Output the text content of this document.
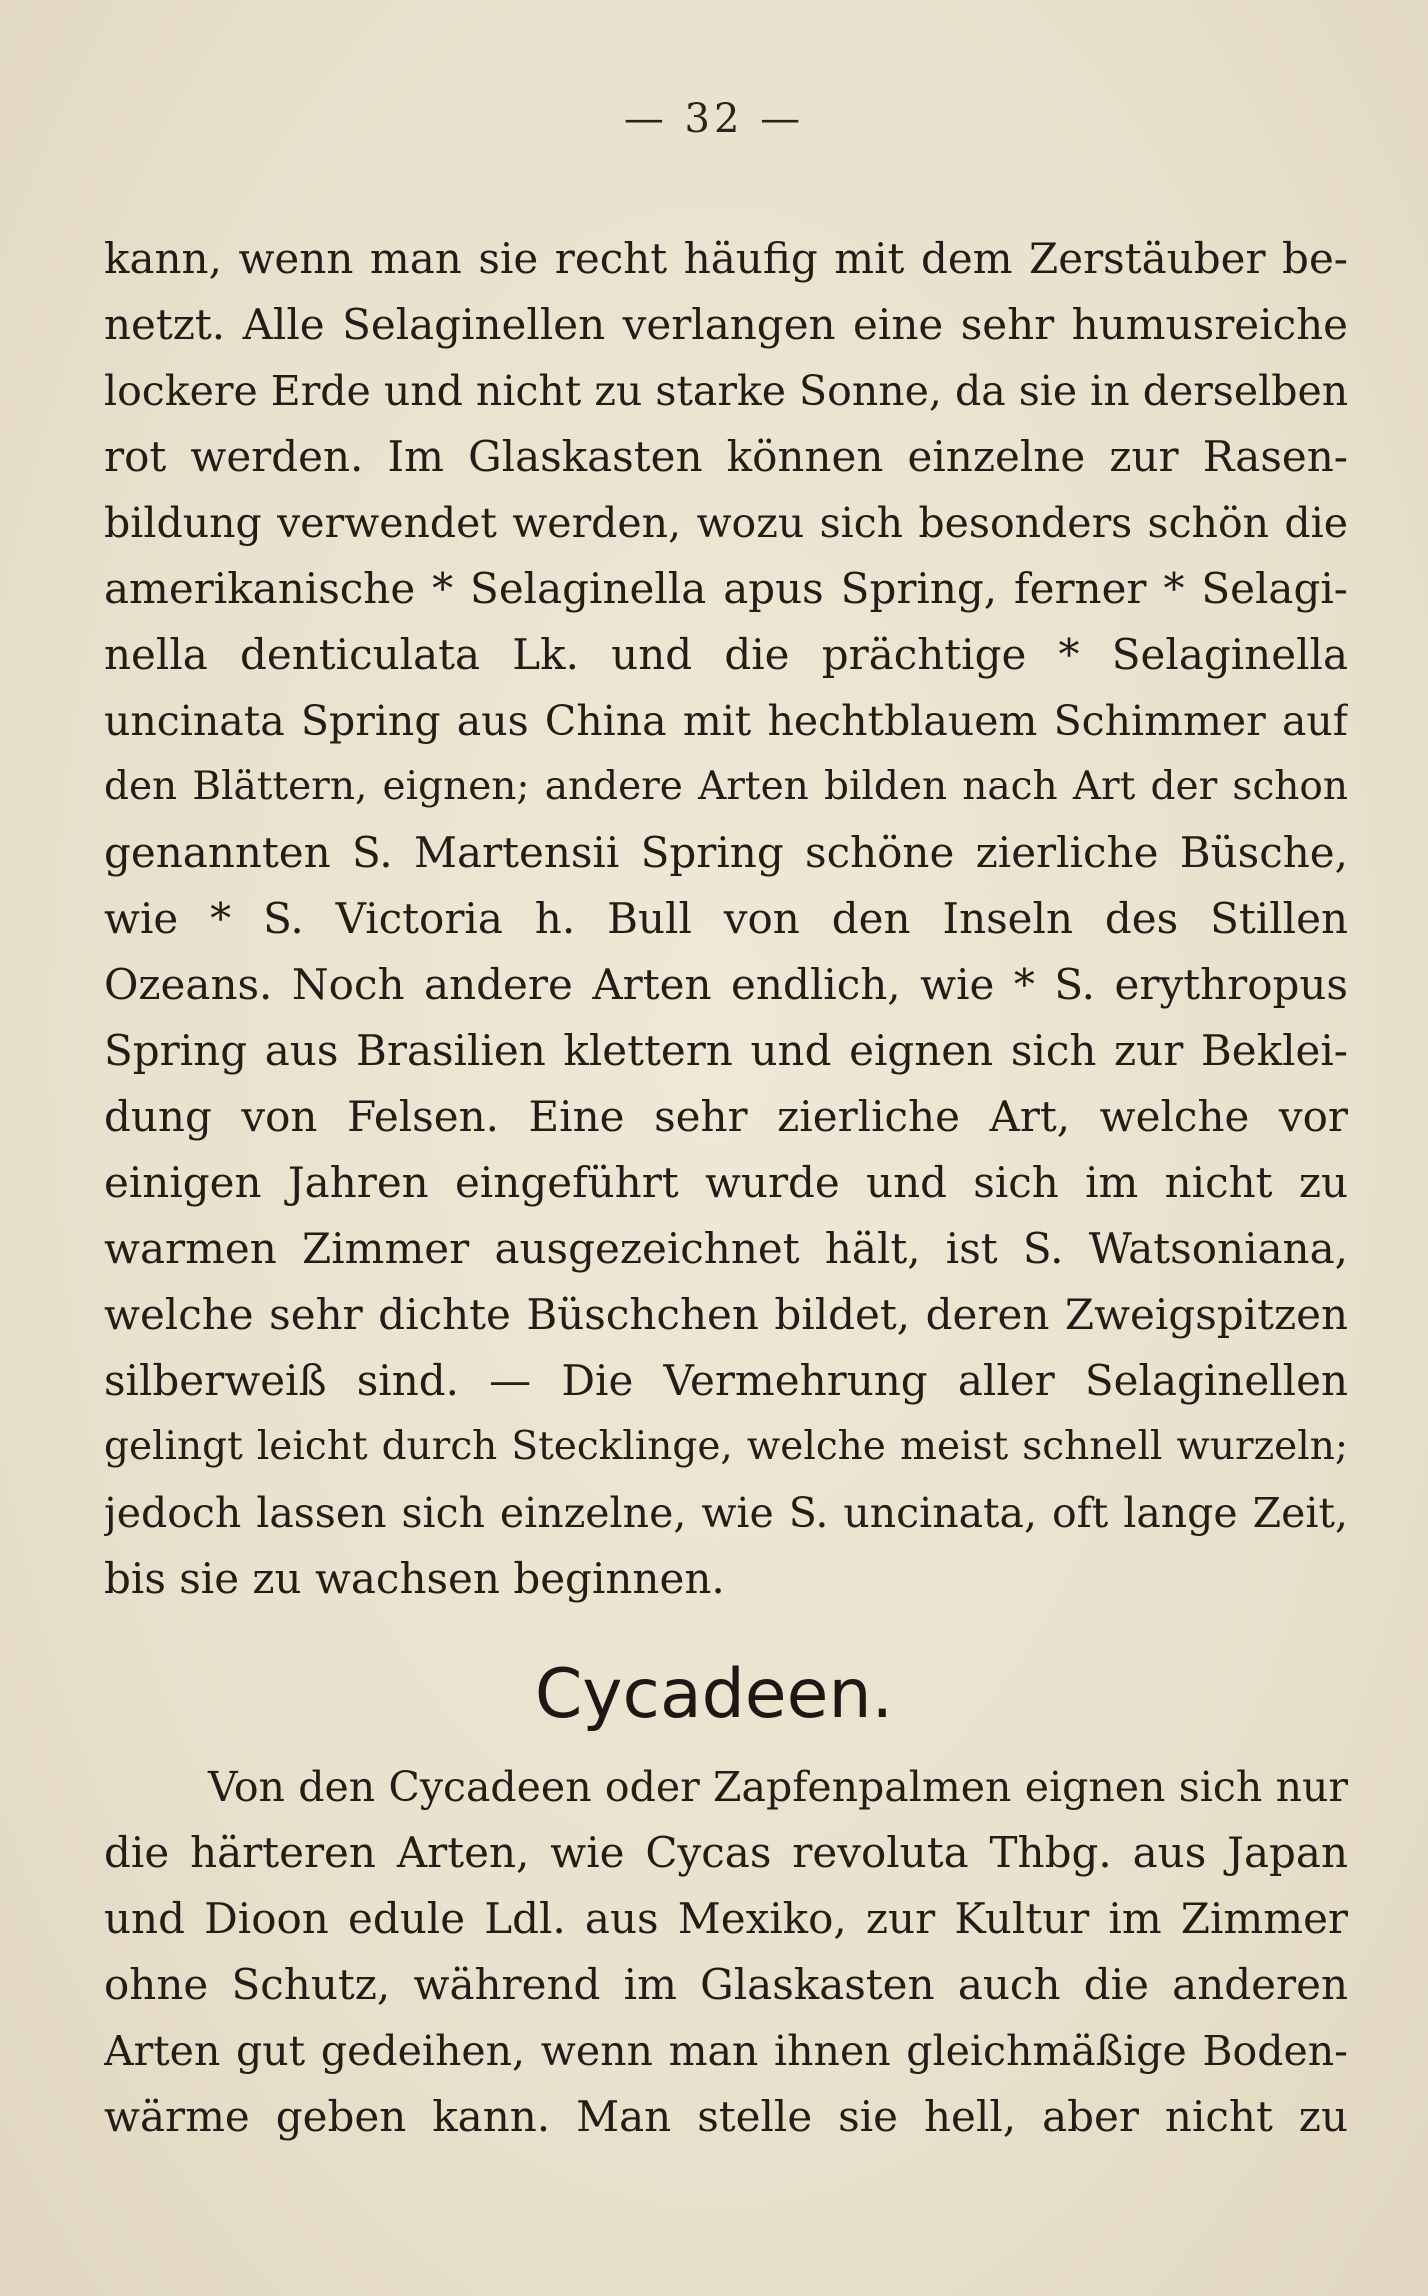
— 32 —
kann, wenn man sie recht häufig mit dem Zerstäuber be-
netzt. Alle Selaginellen verlangen eine sehr humusreiche
lockere Erde und nicht zu starke Sonne, da sie in derselben
rot werden. Im Glaskasten können einzelne zur Rasen-
bildung verwendet werden, wozu sich besonders schön die
amerikanische * Selaginella apus Spring, ferner * Selagi-
nella denticulata Lk. und die prächtige * Selaginella
uncinata Spring aus China mit hechtblauem Schimmer auf
den Blättern, eignen; andere Arten bilden nach Art der schon
genannten S. Martensii Spring schöne zierliche Büsche,
wie * S. Victoria h. Bull von den Inseln des Stillen
Ozeans. Noch andere Arten endlich, wie * S. erythropus
Spring aus Brasilien klettern und eignen sich zur Beklei-
dung von Felsen. Eine sehr zierliche Art, welche vor
einigen Jahren eingeführt wurde und sich im nicht zu
warmen Zimmer ausgezeichnet hält, ist S. Watsoniana,
welche sehr dichte Büschchen bildet, deren Zweigspitzen
silberweiß sind. — Die Vermehrung aller Selaginellen
gelingt leicht durch Stecklinge, welche meist schnell wurzeln;
jedoch lassen sich einzelne, wie S. uncinata, oft lange Zeit,
bis sie zu wachsen beginnen.
Cycadeen.
Von den Cycadeen oder Zapfenpalmen eignen sich nur
die härteren Arten, wie Cycas revoluta Thbg. aus Japan
und Dioon edule Ldl. aus Mexiko, zur Kultur im Zimmer
ohne Schutz, während im Glaskasten auch die anderen
Arten gut gedeihen, wenn man ihnen gleichmäßige Boden-
wärme geben kann. Man stelle sie hell, aber nicht zu
